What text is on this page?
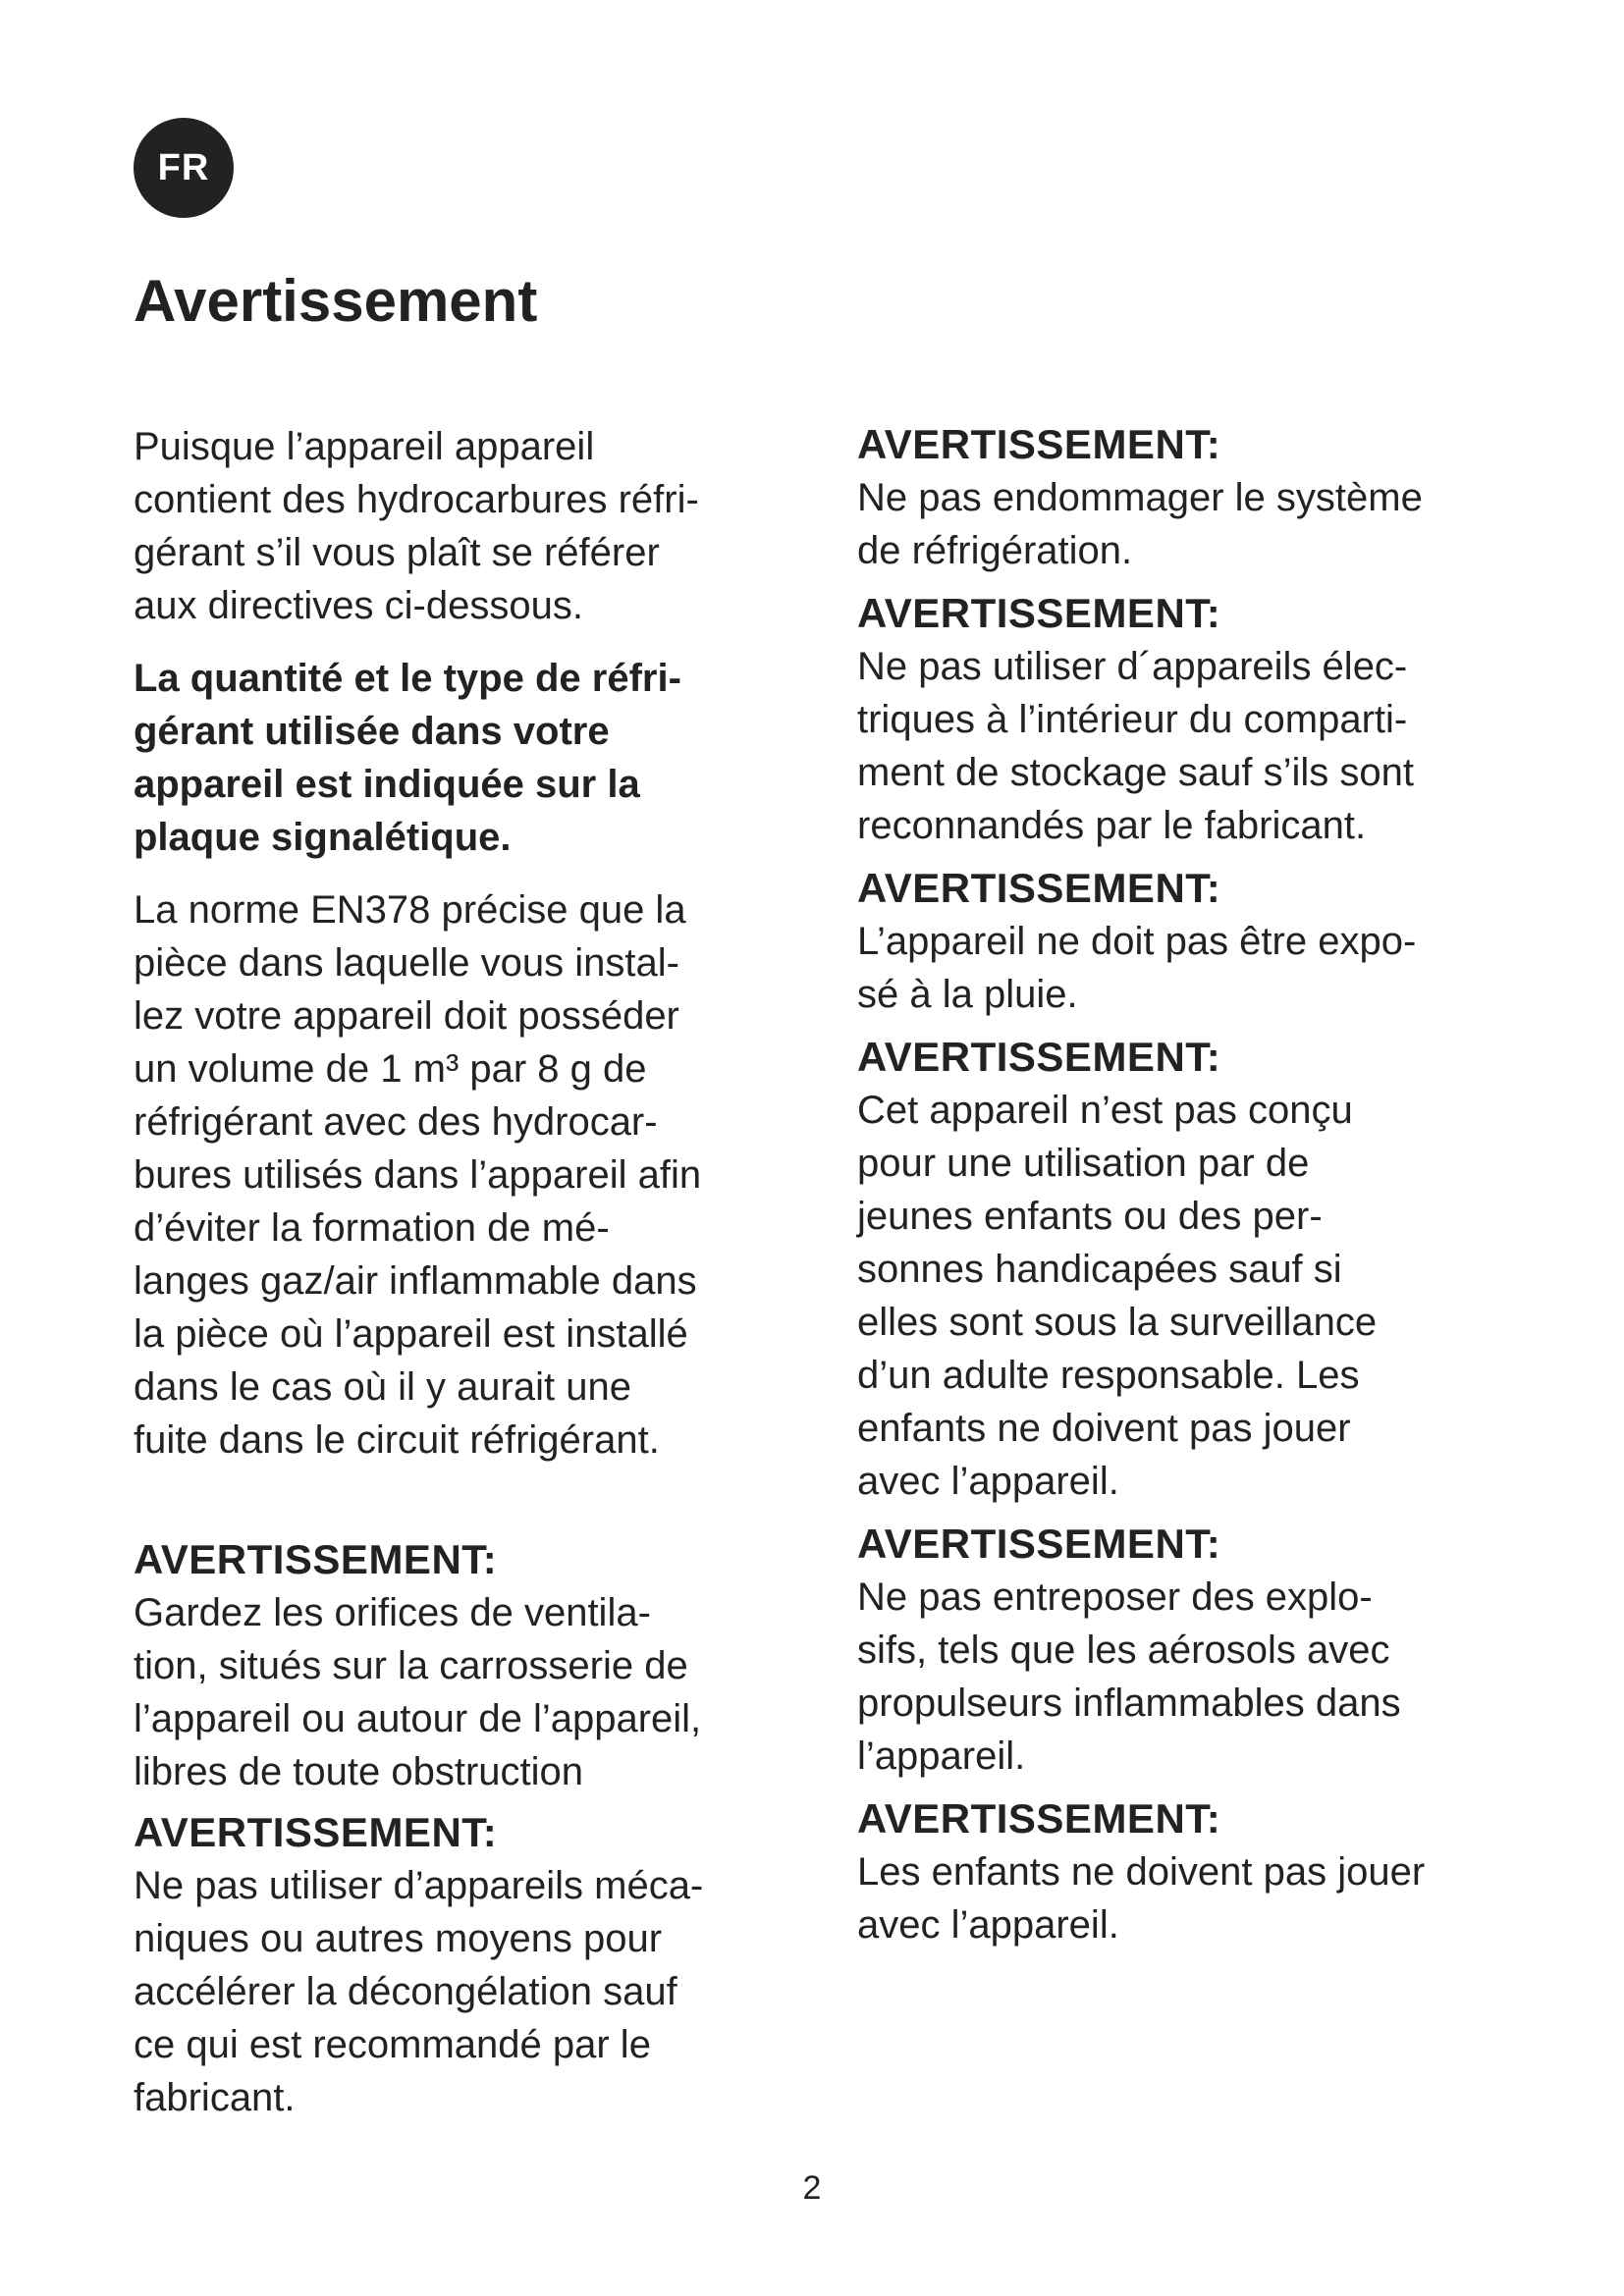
FR
Avertissement

Puisque l’appareil appareil
contient des hydrocarbures réfri-
gérant s’il vous plaît se référer
aux directives ci-dessous.

La quantité et le type de réfri-
gérant utilisée dans votre
appareil est indiquée sur la
plaque signalétique.

La norme EN378 précise que la
pièce dans laquelle vous instal-
lez votre appareil doit posséder
un volume de 1 m³ par 8 g de
réfrigérant avec des hydrocar-
bures utilisés dans l’appareil afin
d’éviter la formation de mé-
langes gaz/air inflammable dans
la pièce où l’appareil est installé
dans le cas où il y aurait une
fuite dans le circuit réfrigérant.

AVERTISSEMENT:
Gardez les orifices de ventila-
tion, situés sur la carrosserie de
l’appareil ou autour de l’appareil,
libres de toute obstruction
AVERTISSEMENT:
Ne pas utiliser d’appareils méca-
niques ou autres moyens pour
accélérer la décongélation sauf
ce qui est recommandé par le
fabricant.
AVERTISSEMENT:
Ne pas endommager le système
de réfrigération.
AVERTISSEMENT:
Ne pas utiliser d´appareils élec-
triques à l’intérieur du comparti-
ment de stockage sauf s’ils sont
reconnandés par le fabricant.
AVERTISSEMENT:
L’appareil ne doit pas être expo-
sé à la pluie.
AVERTISSEMENT:
Cet appareil n’est pas conçu
pour une utilisation par de
jeunes enfants ou des per-
sonnes handicapées sauf si
elles sont sous la surveillance
d’un adulte responsable. Les
enfants ne doivent pas jouer
avec l’appareil.
AVERTISSEMENT:
Ne pas entreposer des explo-
sifs, tels que les aérosols avec
propulseurs inflammables dans
l’appareil.
AVERTISSEMENT:
Les enfants ne doivent pas jouer
avec l’appareil.
2
